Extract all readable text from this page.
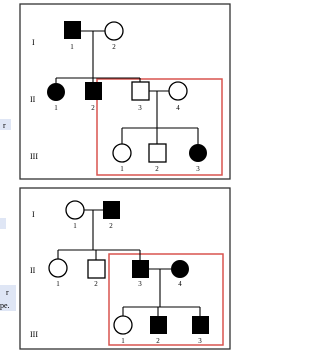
r
r
pe.
I
II
III
1	2
1	2	3	4
1	2	3
I
II
III
1	2
1	2	3	4
1	2	3
